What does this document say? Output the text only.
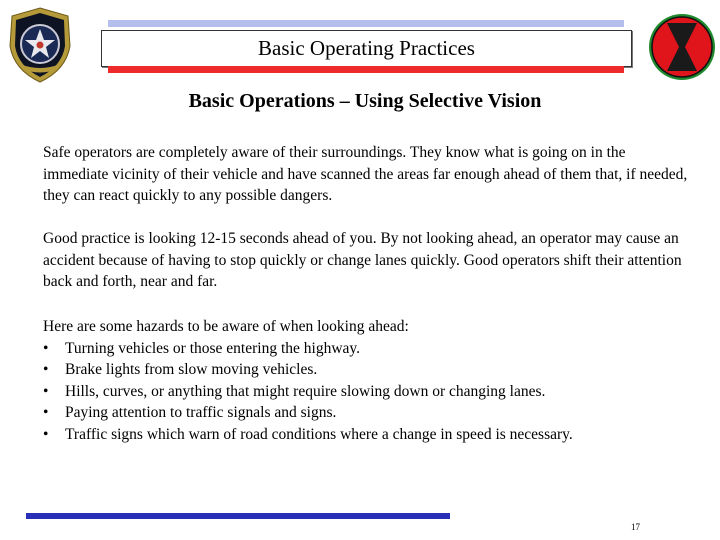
Basic Operating Practices
Basic Operations – Using Selective Vision

Safe operators are completely aware of their surroundings. They know what is going on in the immediate vicinity of their vehicle and have scanned the areas far enough ahead of them that, if needed, they can react quickly to any possible dangers.

Good practice is looking 12-15 seconds ahead of you. By not looking ahead, an operator may cause an accident because of having to stop quickly or change lanes quickly. Good operators shift their attention back and forth, near and far.

Here are some hazards to be aware of when looking ahead:
• Turning vehicles or those entering the highway.
• Brake lights from slow moving vehicles.
• Hills, curves, or anything that might require slowing down or changing lanes.
• Paying attention to traffic signals and signs.
• Traffic signs which warn of road conditions where a change in speed is necessary.
17
